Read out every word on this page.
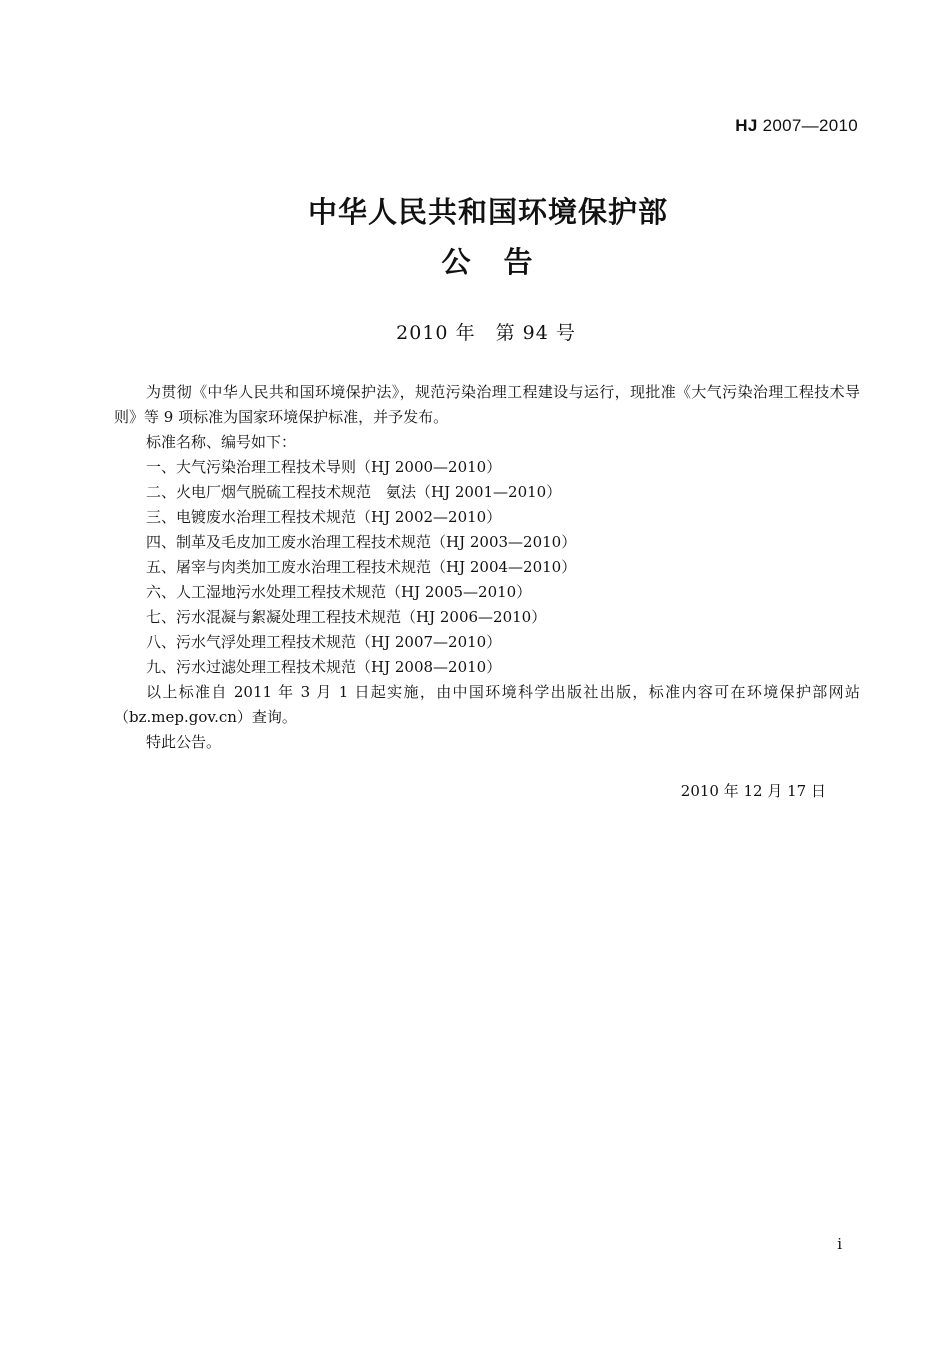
HJ 2007—2010
中华人民共和国环境保护部
公　告
2010 年　第 94 号

为贯彻《中华人民共和国环境保护法》，规范污染治理工程建设与运行，现批准《大气污染治理工程技术导则》等 9 项标准为国家环境保护标准，并予发布。

标准名称、编号如下：

一、大气污染治理工程技术导则（HJ 2000—2010）
二、火电厂烟气脱硫工程技术规范　氨法（HJ 2001—2010）
三、电镀废水治理工程技术规范（HJ 2002—2010）
四、制革及毛皮加工废水治理工程技术规范（HJ 2003—2010）
五、屠宰与肉类加工废水治理工程技术规范（HJ 2004—2010）
六、人工湿地污水处理工程技术规范（HJ 2005—2010）
七、污水混凝与絮凝处理工程技术规范（HJ 2006—2010）
八、污水气浮处理工程技术规范（HJ 2007—2010）
九、污水过滤处理工程技术规范（HJ 2008—2010）

以上标准自 2011 年 3 月 1 日起实施，由中国环境科学出版社出版，标准内容可在环境保护部网站（bz.mep.gov.cn）查询。

特此公告。

2010 年 12 月 17 日
i
